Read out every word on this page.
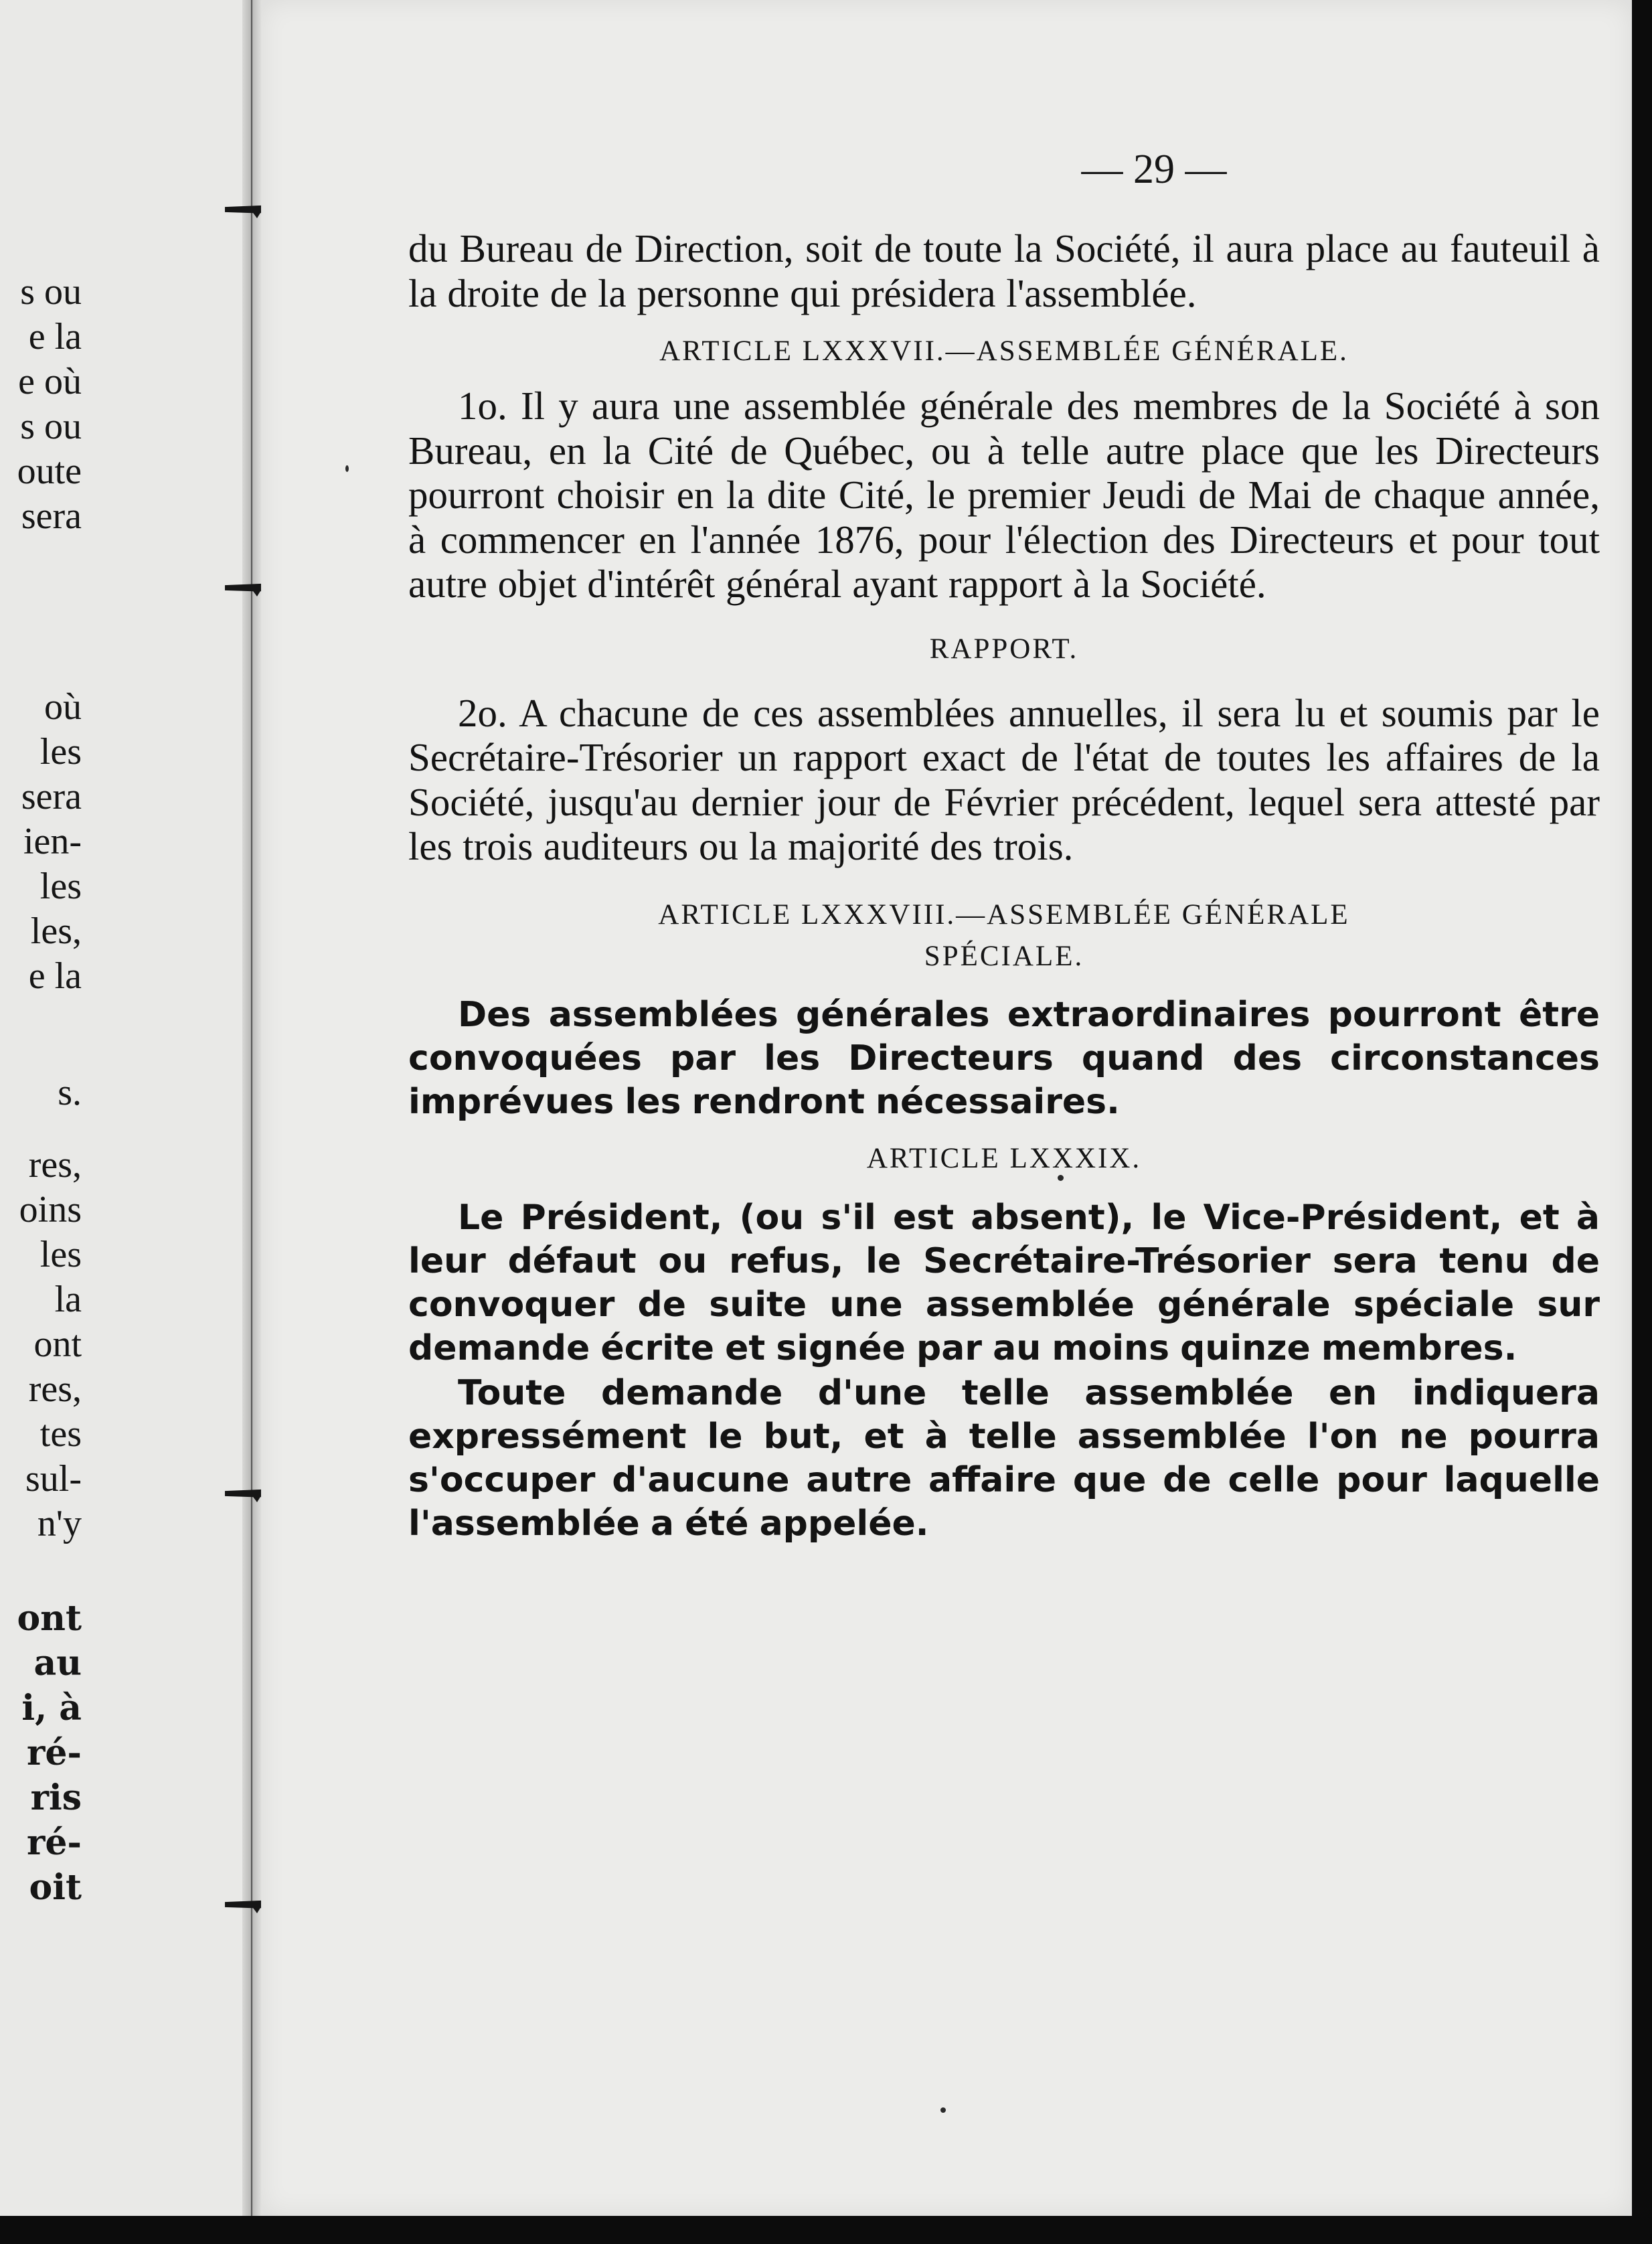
s ou
e la
e où
s ou
oute
sera
où
les
sera
ien-
les
les,
e la
s.
res,
oins
les
la
ont
res,
tes
sul-
n'y
ont
au
i, à
ré-
ris
ré-
oit
— 29 —

du Bureau de Direction, soit de toute la Société, il aura place au fauteuil à la droite de la personne qui présidera l'assemblée.

ARTICLE LXXXVII.—ASSEMBLÉE GÉNÉRALE.

1o. Il y aura une assemblée générale des membres de la Société à son Bureau, en la Cité de Québec, ou à telle autre place que les Directeurs pourront choisir en la dite Cité, le premier Jeudi de Mai de chaque année, à commencer en l'année 1876, pour l'élection des Directeurs et pour tout autre objet d'intérêt général ayant rapport à la Société.

RAPPORT.

2o. A chacune de ces assemblées annuelles, il sera lu et soumis par le Secrétaire-Trésorier un rapport exact de l'état de toutes les affaires de la Société, jusqu'au dernier jour de Février précédent, lequel sera attesté par les trois auditeurs ou la majorité des trois.

ARTICLE LXXXVIII.—ASSEMBLÉE GÉNÉRALE
SPÉCIALE.

Des assemblées générales extraordinaires pourront être convoquées par les Directeurs quand des circonstances imprévues les rendront nécessaires.

ARTICLE LXXXIX.

Le Président, (ou s'il est absent), le Vice-Président, et à leur défaut ou refus, le Secrétaire-Trésorier sera tenu de convoquer de suite une assemblée générale spéciale sur demande écrite et signée par au moins quinze membres.

Toute demande d'une telle assemblée en indiquera expressément le but, et à telle assemblée l'on ne pourra s'occuper d'aucune autre affaire que de celle pour laquelle l'assemblée a été appelée.
